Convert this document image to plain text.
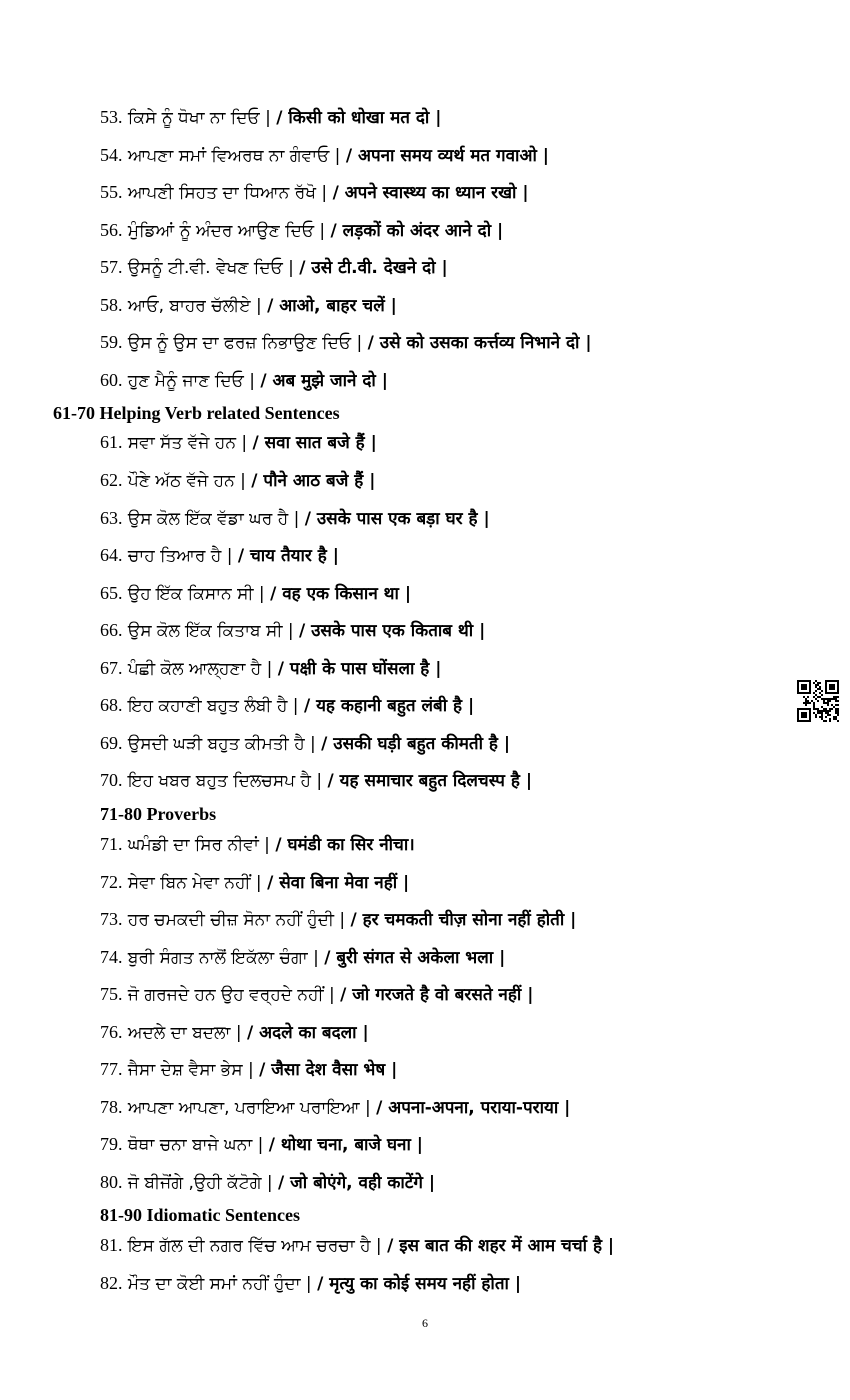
53. ਕਿਸੇ ਨੂੰ ਧੋਖਾ ਨਾ ਦਿਓ | / किसी को धोखा मत दो |
54. ਆਪਣਾ ਸਮਾਂ ਵਿਅਰਥ ਨਾ ਗੰਵਾਓ | / अपना समय व्यर्थ मत गवाओ |
55. ਆਪਣੀ ਸਿਹਤ ਦਾ ਧਿਆਨ ਰੱਖੋ | / अपने स्वास्थ्य का ध्यान रखो |
56. ਮੁੰਡਿਆਂ ਨੂੰ ਅੰਦਰ ਆਉਣ ਦਿਓ | / लड़कों को अंदर आने दो |
57. ਉਸਨੂੰ ਟੀ.ਵੀ. ਵੇਖਣ ਦਿਓ | / उसे टी.वी. देखने दो |
58. ਆਓ, ਬਾਹਰ ਚੱਲੀਏ | / आओ, बाहर चलें |
59. ਉਸ ਨੂੰ ਉਸ ਦਾ ਫਰਜ਼ ਨਿਭਾਉਣ ਦਿਓ | / उसे को उसका कर्त्तव्य निभाने दो |
60. ਹੁਣ ਮੈਨੂੰ ਜਾਣ ਦਿਓ | / अब मुझे जाने दो |
61-70 Helping Verb related Sentences
61. ਸਵਾ ਸੱਤ ਵੱਜੇ ਹਨ | / सवा सात बजे हैं |
62. ਪੌਣੇ ਅੱਠ ਵੱਜੇ ਹਨ | / पौने आठ बजे हैं |
63. ਉਸ ਕੋਲ ਇੱਕ ਵੱਡਾ ਘਰ ਹੈ | / उसके पास एक बड़ा घर है |
64. ਚਾਹ ਤਿਆਰ ਹੈ | / चाय तैयार है |
65. ਉਹ ਇੱਕ ਕਿਸਾਨ ਸੀ | / वह एक किसान था |
66. ਉਸ ਕੋਲ ਇੱਕ ਕਿਤਾਬ ਸੀ | / उसके पास एक किताब थी |
67. ਪੰਛੀ ਕੋਲ ਆਲ੍ਹਣਾ ਹੈ | / पक्षी के पास घोंसला है |
68. ਇਹ ਕਹਾਣੀ ਬਹੁਤ ਲੰਬੀ ਹੈ | / यह कहानी बहुत लंबी है |
69. ਉਸਦੀ ਘੜੀ ਬਹੁਤ ਕੀਮਤੀ ਹੈ | / उसकी घड़ी बहुत कीमती है |
70. ਇਹ ਖਬਰ ਬਹੁਤ ਦਿਲਚਸਪ ਹੈ | / यह समाचार बहुत दिलचस्प है |
71-80 Proverbs
71. ਘਮੰਡੀ ਦਾ ਸਿਰ ਨੀਵਾਂ | / घमंडी का सिर नीचा।
72. ਸੇਵਾ ਬਿਨ ਮੇਵਾ ਨਹੀਂ | / सेवा बिना मेवा नहीं |
73. ਹਰ ਚਮਕਦੀ ਚੀਜ਼ ਸੋਨਾ ਨਹੀਂ ਹੁੰਦੀ | / हर चमकती चीज़ सोना नहीं होती |
74. ਬੁਰੀ ਸੰਗਤ ਨਾਲੋਂ ਇਕੱਲਾ ਚੰਗਾ | / बुरी संगत से अकेला भला |
75. ਜੋ ਗਰਜਦੇ ਹਨ ਉਹ ਵਰ੍ਹਦੇ ਨਹੀਂ | / जो गरजते है वो बरसते नहीं |
76. ਅਦਲੇ ਦਾ ਬਦਲਾ | / अदले का बदला |
77. ਜੈਸਾ ਦੇਸ਼ ਵੈਸਾ ਭੇਸ | / जैसा देश वैसा भेष |
78. ਆਪਣਾ ਆਪਣਾ, ਪਰਾਇਆ ਪਰਾਇਆ | / अपना-अपना, पराया-पराया |
79. ਥੋਥਾ ਚਨਾ ਬਾਜੇ ਘਨਾ | / थोथा चना, बाजे घना |
80. ਜੋ ਬੀਜੋਂਗੇ ,ਉਹੀ ਕੱਟੋਗੇ | / जो बोएंगे, वही काटेंगे |
81-90 Idiomatic Sentences
81. ਇਸ ਗੱਲ ਦੀ ਨਗਰ ਵਿੱਚ ਆਮ ਚਰਚਾ ਹੈ | / इस बात की शहर में आम चर्चा है |
82. ਮੌਤ ਦਾ ਕੋਈ ਸਮਾਂ ਨਹੀਂ ਹੁੰਦਾ | / मृत्यु का कोई समय नहीं होता |
6
